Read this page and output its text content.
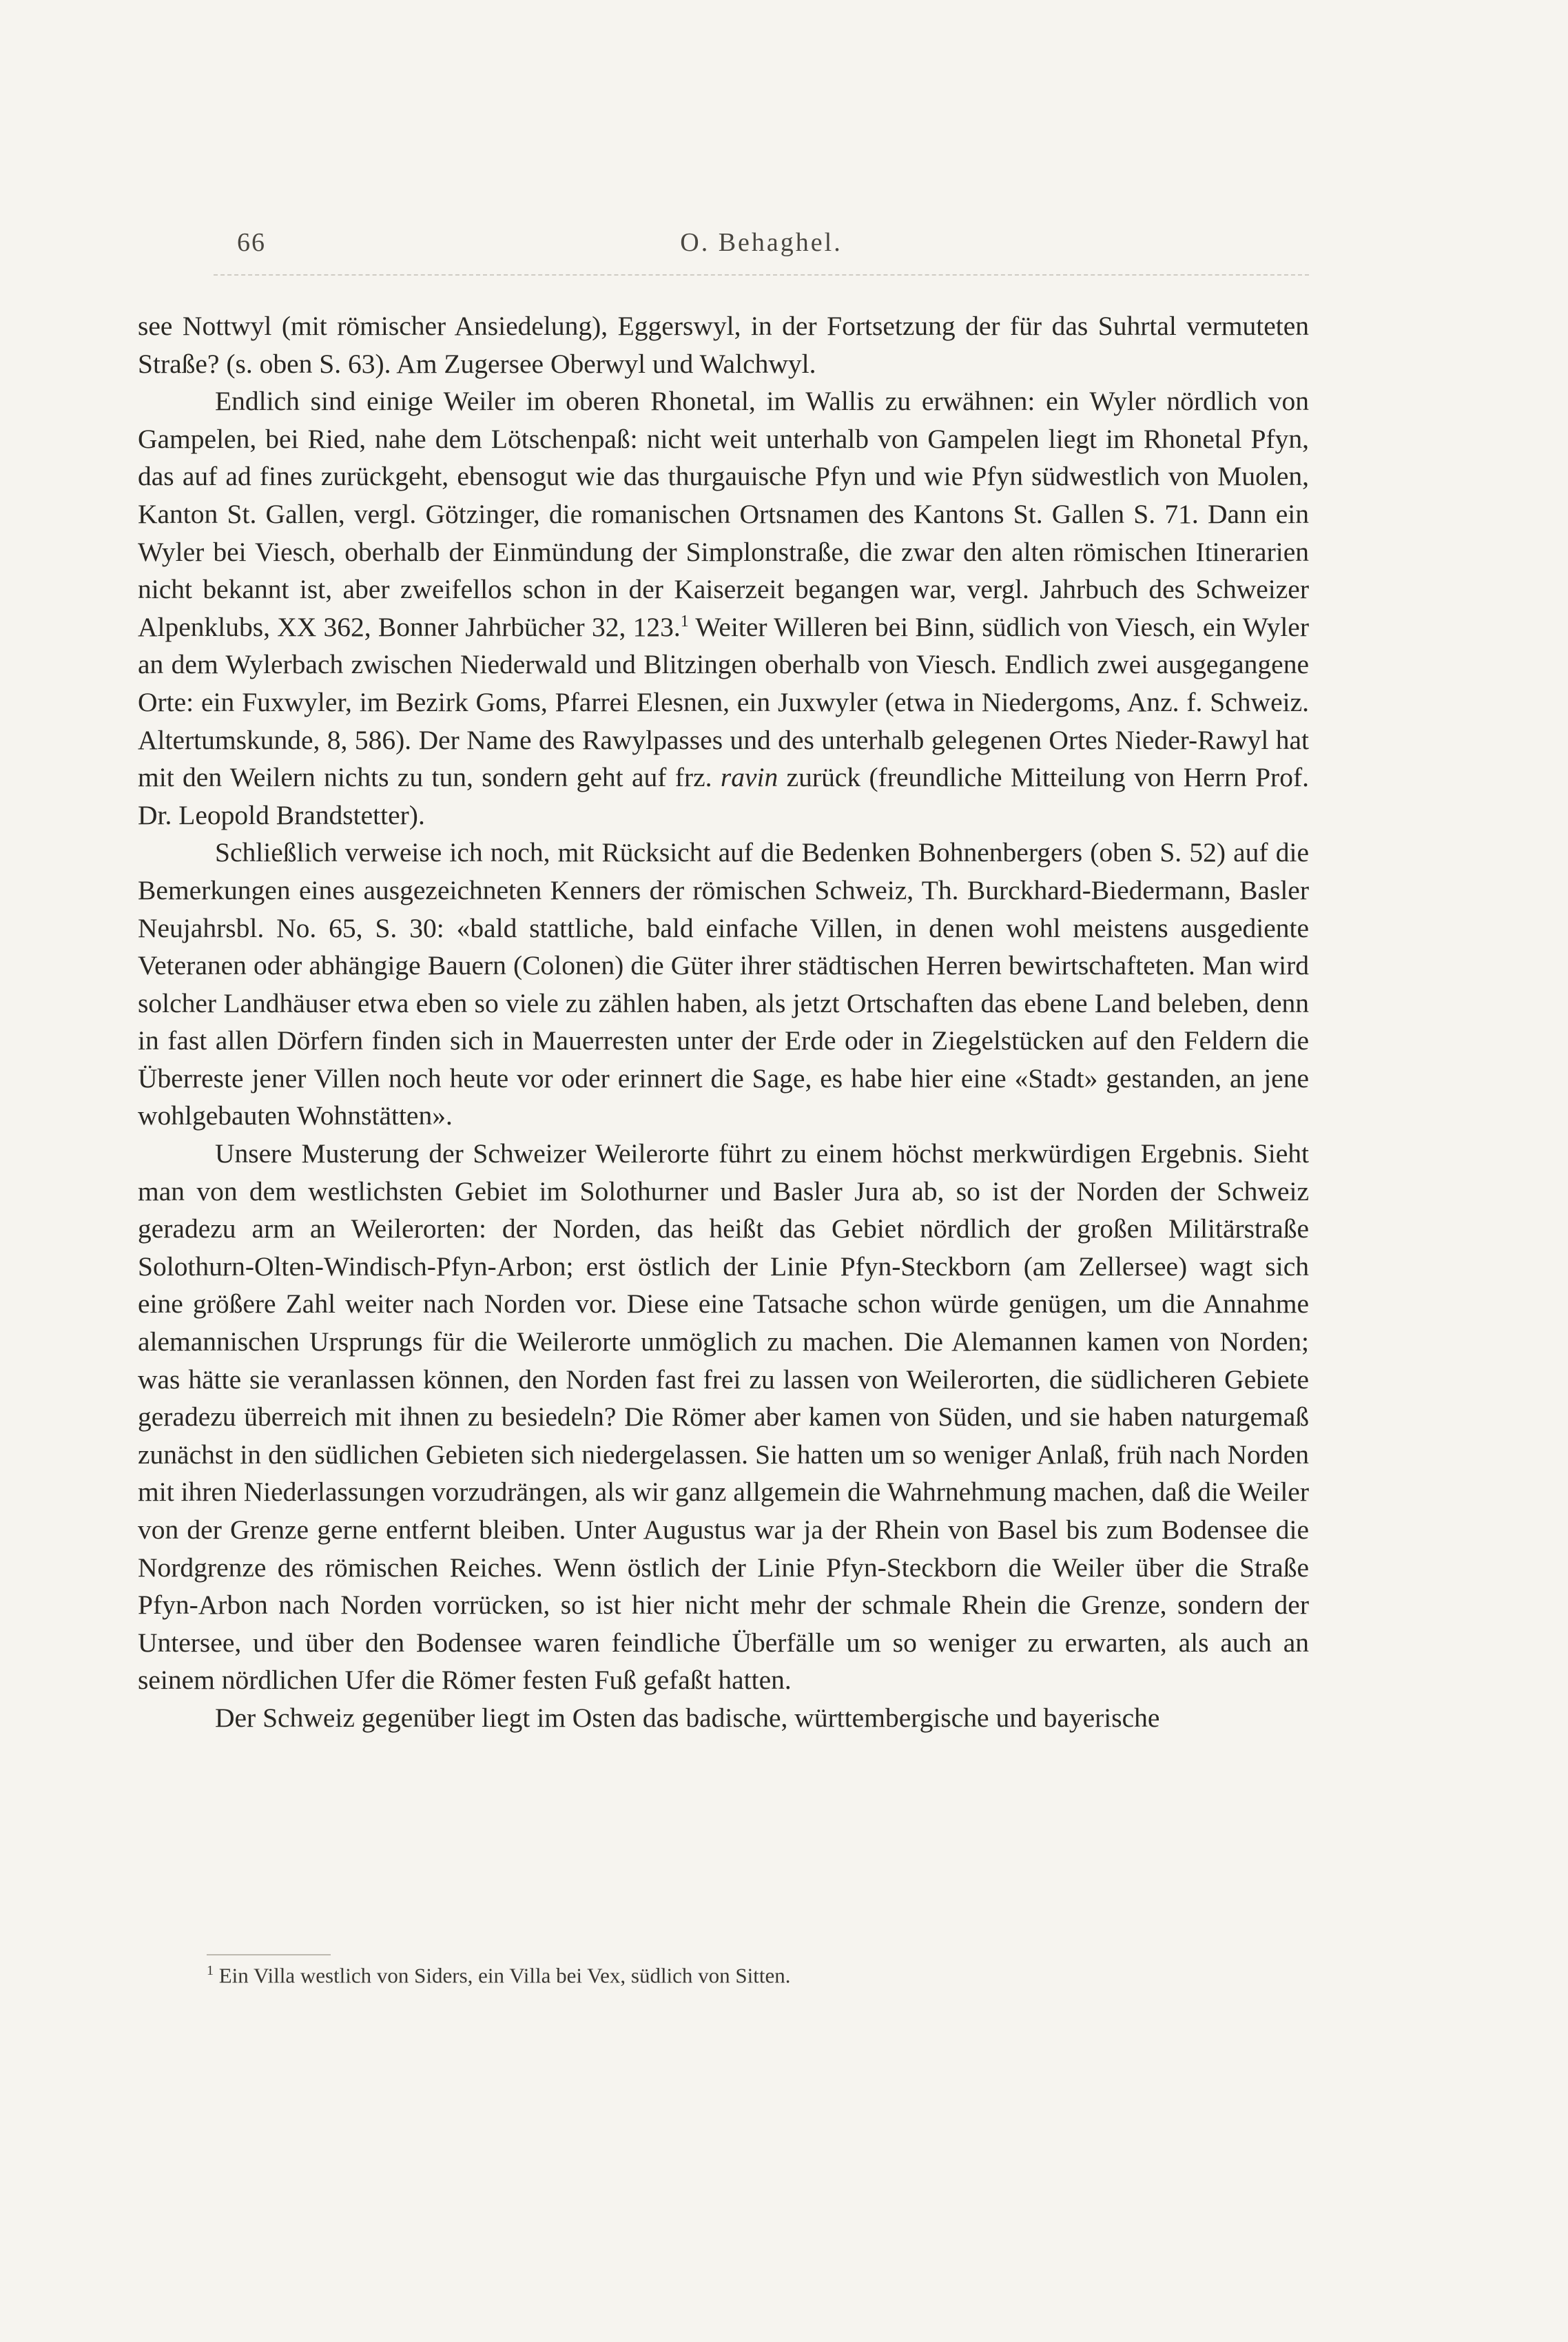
66	O. Behaghel.

see Nottwyl (mit römischer Ansiedelung), Eggerswyl, in der Fortsetzung der für das Suhrtal vermuteten Straße? (s. oben S. 63). Am Zugersee Oberwyl und Walchwyl.

Endlich sind einige Weiler im oberen Rhonetal, im Wallis zu erwähnen: ein Wyler nördlich von Gampelen, bei Ried, nahe dem Lötschenpaß: nicht weit unterhalb von Gampelen liegt im Rhonetal Pfyn, das auf ad fines zurückgeht, ebensogut wie das thurgauische Pfyn und wie Pfyn südwestlich von Muolen, Kanton St. Gallen, vergl. Götzinger, die romanischen Ortsnamen des Kantons St. Gallen S. 71. Dann ein Wyler bei Viesch, oberhalb der Einmündung der Simplonstraße, die zwar den alten römischen Itinerarien nicht bekannt ist, aber zweifellos schon in der Kaiserzeit begangen war, vergl. Jahrbuch des Schweizer Alpenklubs, XX 362, Bonner Jahrbücher 32, 123.$^1$ Weiter Willeren bei Binn, südlich von Viesch, ein Wyler an dem Wylerbach zwischen Niederwald und Blitzingen oberhalb von Viesch. Endlich zwei ausgegangene Orte: ein Fuxwyler, im Bezirk Goms, Pfarrei Elesnen, ein Juxwyler (etwa in Niedergoms, Anz. f. Schweiz. Altertumskunde, 8, 586). Der Name des Rawylpasses und des unterhalb gelegenen Ortes Nieder-Rawyl hat mit den Weilern nichts zu tun, sondern geht auf frz. ravin zurück (freundliche Mitteilung von Herrn Prof. Dr. Leopold Brandstetter).

Schließlich verweise ich noch, mit Rücksicht auf die Bedenken Bohnenbergers (oben S. 52) auf die Bemerkungen eines ausgezeichneten Kenners der römischen Schweiz, Th. Burckhard-Biedermann, Basler Neujahrsbl. No. 65, S. 30: «bald stattliche, bald einfache Villen, in denen wohl meistens ausgediente Veteranen oder abhängige Bauern (Colonen) die Güter ihrer städtischen Herren bewirtschafteten. Man wird solcher Landhäuser etwa eben so viele zu zählen haben, als jetzt Ortschaften das ebene Land beleben, denn in fast allen Dörfern finden sich in Mauerresten unter der Erde oder in Ziegelstücken auf den Feldern die Überreste jener Villen noch heute vor oder erinnert die Sage, es habe hier eine «Stadt» gestanden, an jene wohlgebauten Wohnstätten».

Unsere Musterung der Schweizer Weilerorte führt zu einem höchst merkwürdigen Ergebnis. Sieht man von dem westlichsten Gebiet im Solothurner und Basler Jura ab, so ist der Norden der Schweiz geradezu arm an Weilerorten: der Norden, das heißt das Gebiet nördlich der großen Militärstraße Solothurn-Olten-Windisch-Pfyn-Arbon; erst östlich der Linie Pfyn-Steckborn (am Zellersee) wagt sich eine größere Zahl weiter nach Norden vor. Diese eine Tatsache schon würde genügen, um die Annahme alemannischen Ursprungs für die Weilerorte unmöglich zu machen. Die Alemannen kamen von Norden; was hätte sie veranlassen können, den Norden fast frei zu lassen von Weilerorten, die südlicheren Gebiete geradezu überreich mit ihnen zu besiedeln? Die Römer aber kamen von Süden, und sie haben naturgemaß zunächst in den südlichen Gebieten sich niedergelassen. Sie hatten um so weniger Anlaß, früh nach Norden mit ihren Niederlassungen vorzudrängen, als wir ganz allgemein die Wahrnehmung machen, daß die Weiler von der Grenze gerne entfernt bleiben. Unter Augustus war ja der Rhein von Basel bis zum Bodensee die Nordgrenze des römischen Reiches. Wenn östlich der Linie Pfyn-Steckborn die Weiler über die Straße Pfyn-Arbon nach Norden vorrücken, so ist hier nicht mehr der schmale Rhein die Grenze, sondern der Untersee, und über den Bodensee waren feindliche Überfälle um so weniger zu erwarten, als auch an seinem nördlichen Ufer die Römer festen Fuß gefaßt hatten.

Der Schweiz gegenüber liegt im Osten das badische, württembergische und bayerische

$^1$ Ein Villa westlich von Siders, ein Villa bei Vex, südlich von Sitten.
